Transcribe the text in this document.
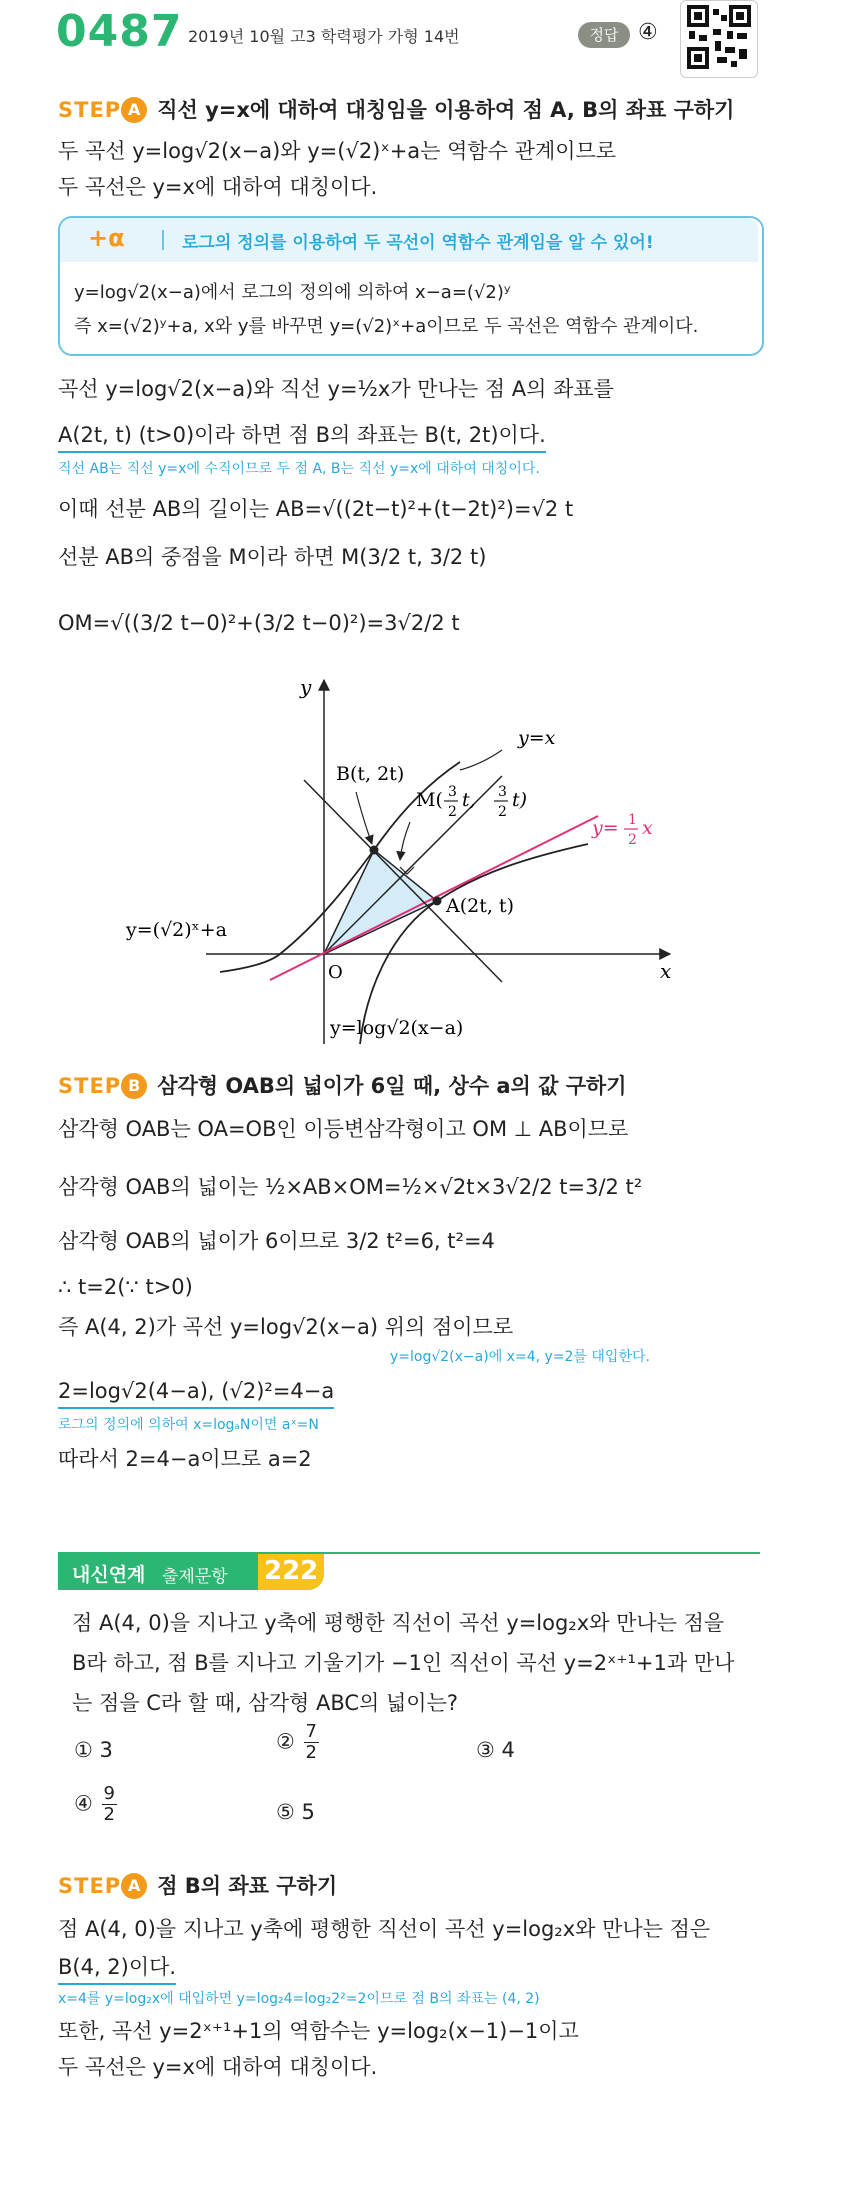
0487 2019년 10월 고3 학력평가 가형 14번	정답 ④
STEP A 직선 y=x에 대하여 대칭임을 이용하여 점 A, B의 좌표 구하기
두 곡선 y=log√2(x−a)와 y=(√2)ˣ+a는 역함수 관계이므로
두 곡선은 y=x에 대하여 대칭이다.
+α	로그의 정의를 이용하여 두 곡선이 역함수 관계임을 알 수 있어!
y=log√2(x−a)에서 로그의 정의에 의하여 x−a=(√2)ʸ
즉 x=(√2)ʸ+a, x와 y를 바꾸면 y=(√2)ˣ+a이므로 두 곡선은 역함수 관계이다.
곡선 y=log√2(x−a)와 직선 y=½x가 만나는 점 A의 좌표를
A(2t, t) (t>0)이라 하면 점 B의 좌표는 B(t, 2t)이다.
직선 AB는 직선 y=x에 수직이므로 두 점 A, B는 직선 y=x에 대하여 대칭이다.
이때 선분 AB의 길이는 AB=√((2t−t)²+(t−2t)²)=√2 t
선분 AB의 중점을 M이라 하면 M(3/2 t, 3/2 t)
OM=√((3/2 t−0)²+(3/2 t−0)²)=3√2/2 t
y
x
O
y=x
y= 1
2
x
B(t, 2t)
M( 3
2
t, 3
2
t)
A(2t, t)
y=(√2)ˣ+a
y=log√2(x−a)
STEP B 삼각형 OAB의 넓이가 6일 때, 상수 a의 값 구하기
삼각형 OAB는 OA=OB인 이등변삼각형이고 OM ⊥ AB이므로
삼각형 OAB의 넓이는 ½×AB×OM=½×√2t×3√2/2 t=3/2 t²
삼각형 OAB의 넓이가 6이므로 3/2 t²=6, t²=4
∴ t=2(∵ t>0)
즉 A(4, 2)가 곡선 y=log√2(x−a) 위의 점이므로
y=log√2(x−a)에 x=4, y=2를 대입한다.
2=log√2(4−a), (√2)²=4−a
로그의 정의에 의하여 x=logₐN이면 aˣ=N
따라서 2=4−a이므로 a=2
내신연계 출제문항 222
점 A(4, 0)을 지나고 y축에 평행한 직선이 곡선 y=log₂x와 만나는 점을
B라 하고, 점 B를 지나고 기울기가 −1인 직선이 곡선 y=2ˣ⁺¹+1과 만나
는 점을 C라 할 때, 삼각형 ABC의 넓이는?
① 3	② $\frac{7}{2}$	③ 4
④ $\frac{9}{2}$	⑤ 5
STEP A 점 B의 좌표 구하기
점 A(4, 0)을 지나고 y축에 평행한 직선이 곡선 y=log₂x와 만나는 점은
B(4, 2)이다.
x=4를 y=log₂x에 대입하면 y=log₂4=log₂2²=2이므로 점 B의 좌표는 (4, 2)
또한, 곡선 y=2ˣ⁺¹+1의 역함수는 y=log₂(x−1)−1이고
두 곡선은 y=x에 대하여 대칭이다.
